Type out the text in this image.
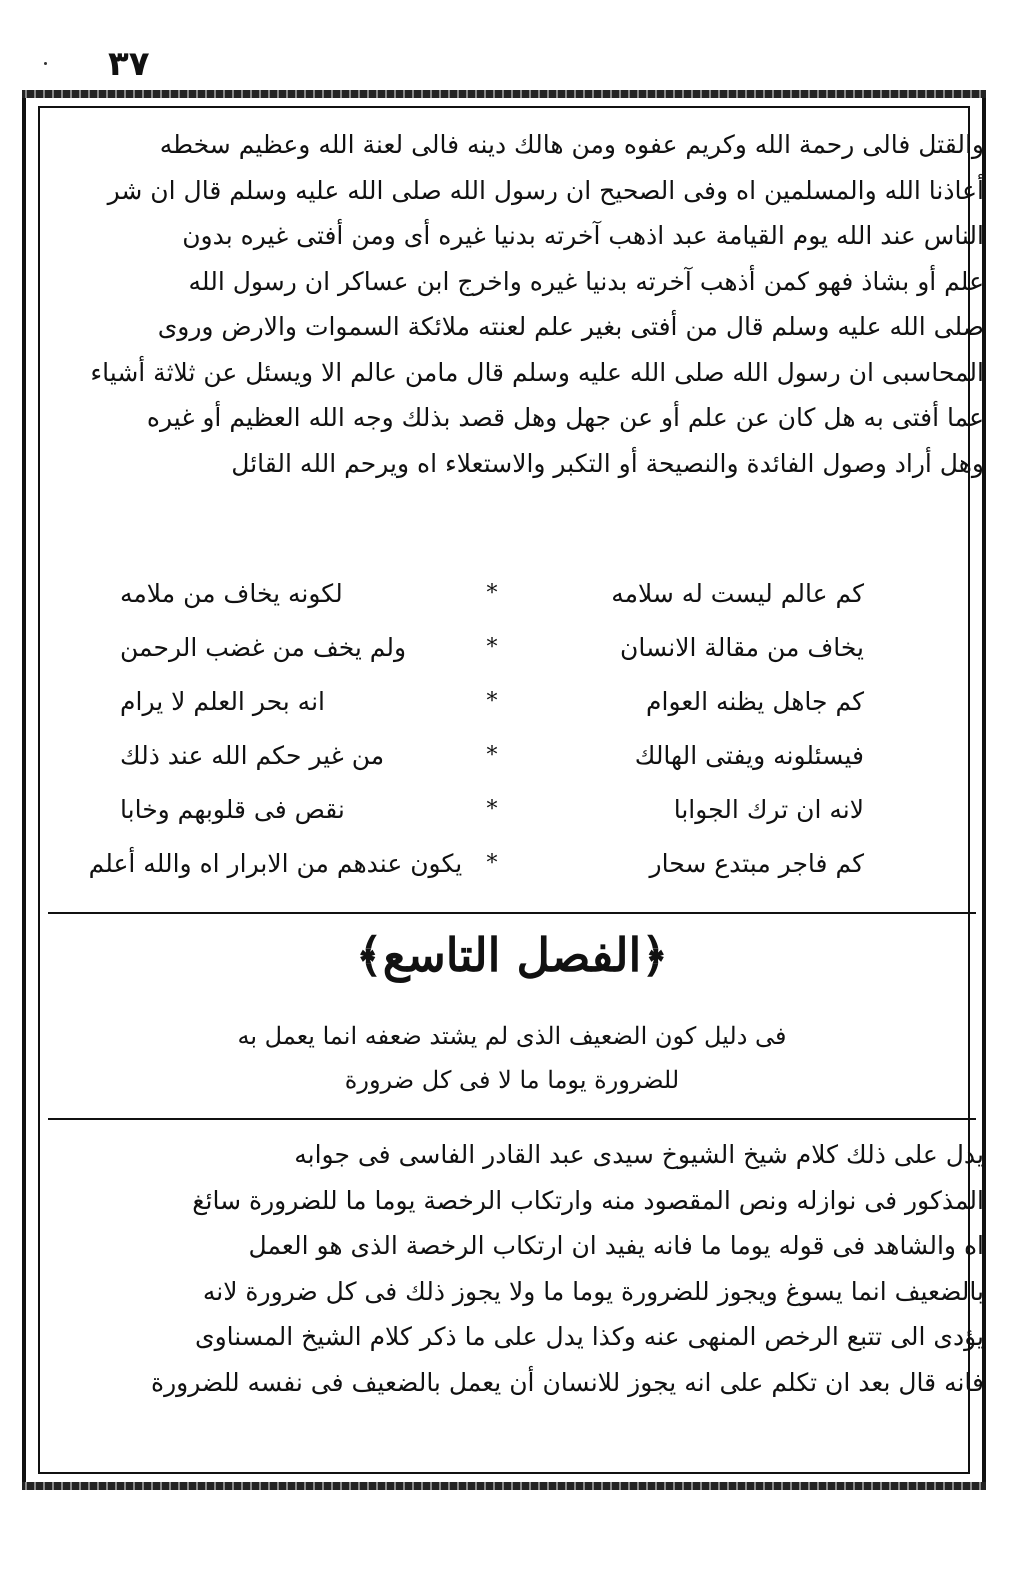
٣٧

والقتل فالى رحمة الله وكريم عفوه ومن هالك دينه فالى لعنة الله وعظيم سخطه

أعاذنا الله والمسلمين اه وفى الصحيح ان رسول الله صلى الله عليه وسلم قال ان شر

الناس عند الله يوم القيامة عبد اذهب آخرته بدنيا غيره أى ومن أفتى غيره بدون

علم أو بشاذ فهو كمن أذهب آخرته بدنيا غيره واخرج ابن عساكر ان رسول الله

صلى الله عليه وسلم قال من أفتى بغير علم لعنته ملائكة السموات والارض وروى

المحاسبى ان رسول الله صلى الله عليه وسلم قال مامن عالم الا ويسئل عن ثلاثة أشياء

عما أفتى به هل كان عن علم أو عن جهل وهل قصد بذلك وجه الله العظيم أو غيره

وهل أراد وصول الفائدة والنصيحة أو التكبر والاستعلاء اه ويرحم الله القائل

كم عالم ليست له سلامه
*
لكونه يخاف من ملامه
يخاف من مقالة الانسان
*
ولم يخف من غضب الرحمن
كم جاهل يظنه العوام
*
انه بحر العلم لا يرام
فيسئلونه ويفتى الهالك
*
من غير حكم الله عند ذلك
لانه ان ترك الجوابا
*
نقص فى قلوبهم وخابا
كم فاجر مبتدع سحار
*
يكون عندهم من الابرار اه والله أعلم
﴿الفصل التاسع﴾
فى دليل كون الضعيف الذى لم يشتد ضعفه انما يعمل به
للضرورة يوما ما لا فى كل ضرورة

يدل على ذلك كلام شيخ الشيوخ سيدى عبد القادر الفاسى فى جوابه

المذكور فى نوازله ونص المقصود منه وارتكاب الرخصة يوما ما للضرورة سائغ

اه والشاهد فى قوله يوما ما فانه يفيد ان ارتكاب الرخصة الذى هو العمل

بالضعيف انما يسوغ ويجوز للضرورة يوما ما ولا يجوز ذلك فى كل ضرورة لانه

يؤدى الى تتبع الرخص المنهى عنه وكذا يدل على ما ذكر كلام الشيخ المسناوى

فانه قال بعد ان تكلم على انه يجوز للانسان أن يعمل بالضعيف فى نفسه للضرورة
